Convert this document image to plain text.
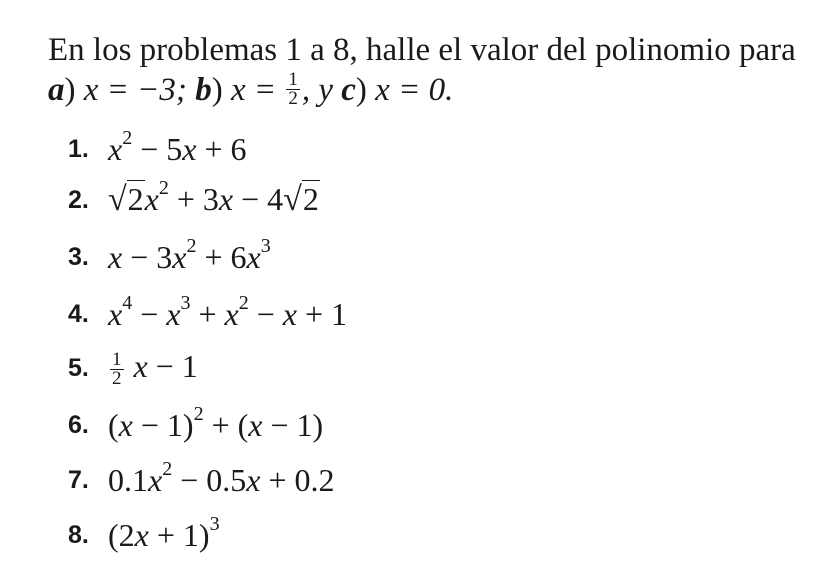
En los problemas 1 a 8, halle el valor del polinomio para
a) x = −3; b) $x = \frac{1}{2}$ , y c) x = 0.
1. $x^2 - 5x + 6$
2. $√2x^2 + 3x - 4√2$
3. $x - 3x^2 + 6x^3$
4. $x^4 - x^3 + x^2 - x + 1$
5.	$\frac{1}{2}$ x − 1
6. $(x - 1)^2 + (x - 1)$
7. $0.1x^2 - 0.5x + 0.2$
8. $(2x + 1)^3$
